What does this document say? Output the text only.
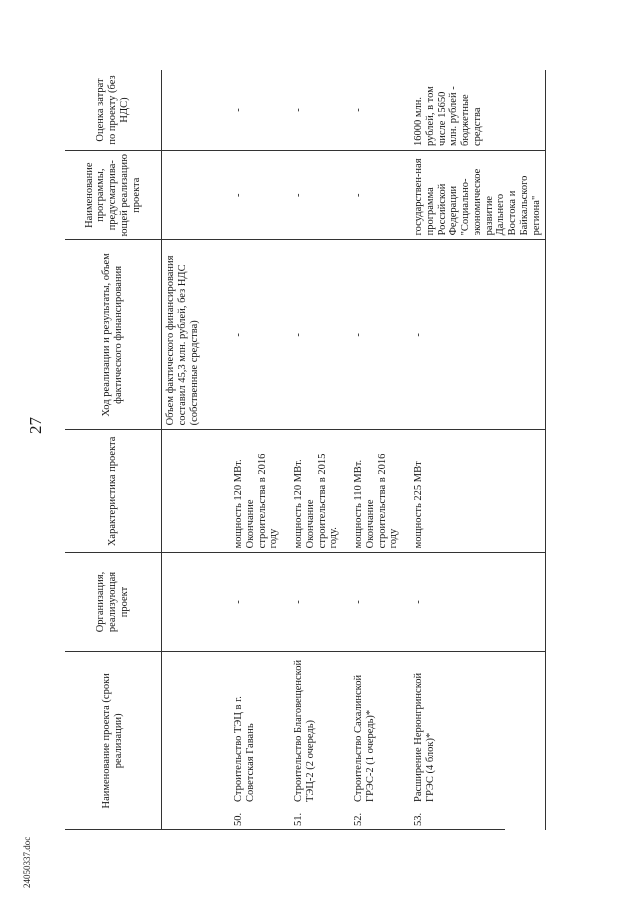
27
24050337.doc
Наименование проекта (сроки реализации)	Организация, реализующая проект	Характеристика проекта	Ход реализации и результаты, объем фактического финансирования	Наименование программы, предусматрива-ющей реализацию проекта	Оценка затрат по проекту (без НДС)
			Объем фактического финансирования составил 45,3 млн. рублей, без НДС (собственные средства)		

50.
Строительство ТЭЦ в г. Советская Гавань	-	мощность 120 МВт. Окончание строительства в 2016 году	-	-	-

51.
Строительство Благовещенской ТЭЦ-2 (2 очередь)	-	мощность 120 МВт. Окончание строительства в 2015 году.	-	-	-

52.
Строительство Сахалинской ГРЭС-2 (1 очередь)*	-	мощность 110 МВт. Окончание строительства в 2016 году	-	-	-

53.
Расширение Нерюнгринской ГРЭС (4 блок)*	-	мощность 225 МВт	-	государствен-ная программа Российской Федерации "Социально-экономическое развитие Дальнего Востока и Байкальского региона"	16000 млн. рублей, в том числе 15650 млн. рублей - бюджетные средства
